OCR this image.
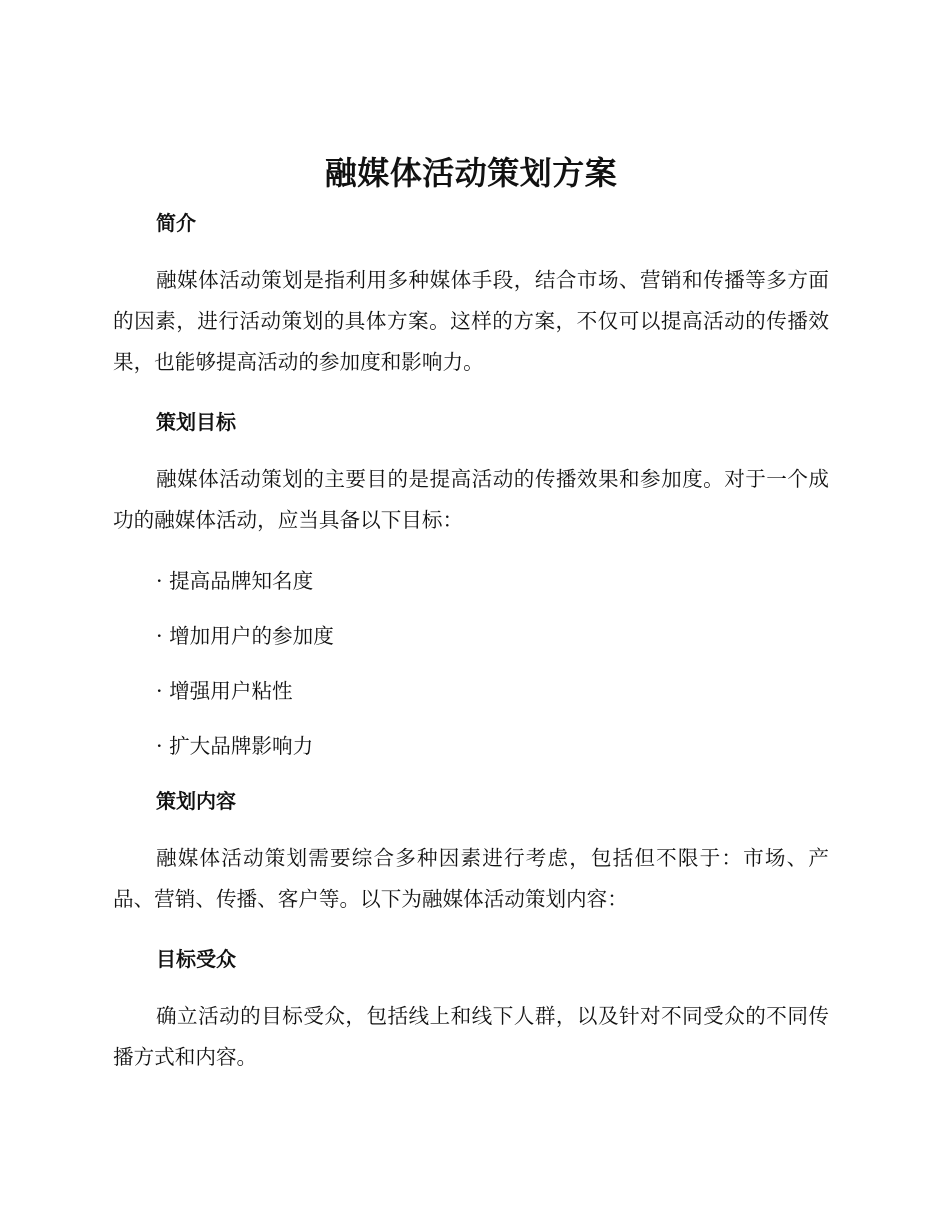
融媒体活动策划方案
简介

融媒体活动策划是指利用多种媒体手段，结合市场、营销和传播等多方面的因素，进行活动策划的具体方案。这样的方案，不仅可以提高活动的传播效果，也能够提高活动的参加度和影响力。

策划目标

融媒体活动策划的主要目的是提高活动的传播效果和参加度。对于一个成功的融媒体活动，应当具备以下目标：

· 提高品牌知名度

· 增加用户的参加度

· 增强用户粘性

· 扩大品牌影响力

策划内容

融媒体活动策划需要综合多种因素进行考虑，包括但不限于：市场、产品、营销、传播、客户等。以下为融媒体活动策划内容：

目标受众

确立活动的目标受众，包括线上和线下人群，以及针对不同受众的不同传播方式和内容。
